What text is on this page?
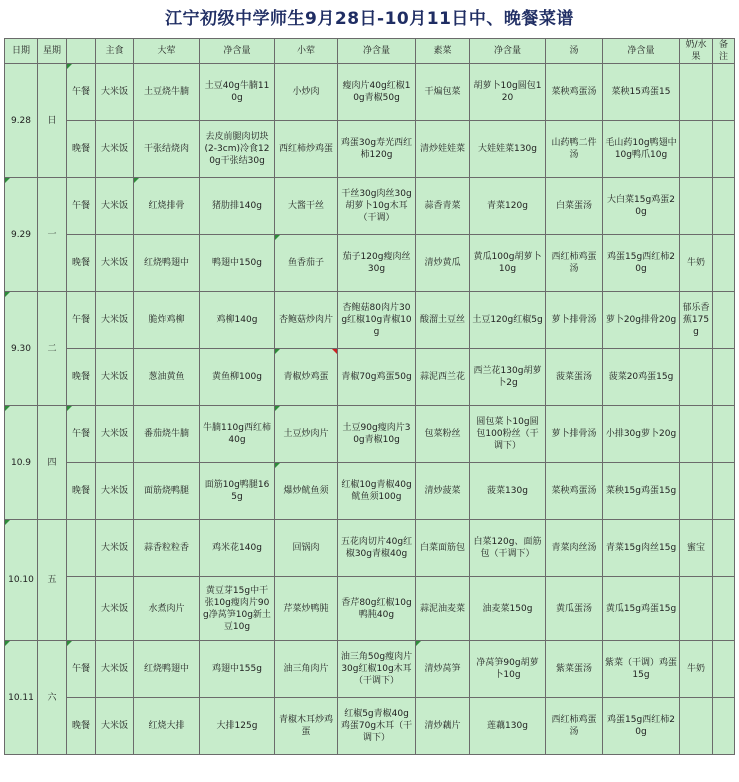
江宁初级中学师生9月28日-10月11日中、晚餐菜谱
日期	星期		主食	大荤	净含量	小荤	净含量	素菜	净含量	汤	净含量	奶/水果	备注
9.28	日	午餐	大米饭	土豆烧牛腩	土豆40g牛腩110g	小炒肉	瘦肉片40g红椒10g青椒50g	干煸包菜	胡萝卜10g圆包120	菜秧鸡蛋汤	菜秧15鸡蛋15		
		晚餐	大米饭	干张结烧肉	去皮前腿肉切块(2-3cm)冷食120g干张结30g	西红柿炒鸡蛋	鸡蛋30g寿光西红柿120g	清炒娃娃菜	大娃娃菜130g	山药鸭二件汤	毛山药10g鸭翅中10g鸭爪10g		
9.29	一	午餐	大米饭	红烧排骨	猪肋排140g	大酱干丝	干丝30g肉丝30g胡萝卜10g木耳（干调）	蒜香青菜	青菜120g	白菜蛋汤	大白菜15g鸡蛋20g		
		晚餐	大米饭	红烧鸭翅中	鸭翅中150g	鱼香茄子	茄子120g瘦肉丝30g	清炒黄瓜	黄瓜100g胡萝卜10g	西红柿鸡蛋汤	鸡蛋15g西红柿20g	牛奶	
9.30	二	午餐	大米饭	脆炸鸡柳	鸡柳140g	杏鲍菇炒肉片	杏鲍菇80肉片30g红椒10g青椒10g	酸溜土豆丝	土豆120g红椒5g	萝卜排骨汤	萝卜20g排骨20g	郁乐香蕉175g	
		晚餐	大米饭	葱油黄鱼	黄鱼柳100g	青椒炒鸡蛋	青椒70g鸡蛋50g	蒜泥西兰花	西兰花130g胡萝卜2g	菠菜蛋汤	菠菜20鸡蛋15g		
10.9	四	午餐	大米饭	番茄烧牛腩	牛腩110g西红柿40g	土豆炒肉片	土豆90g瘦肉片30g青椒10g	包菜粉丝	圆包菜卜10g圆包100粉丝（干调下）	萝卜排骨汤	小排30g萝卜20g		
		晚餐	大米饭	面筋烧鸭腿	面筋10g鸭腿165g	爆炒鱿鱼须	红椒10g青椒40g鱿鱼须100g	清炒菠菜	菠菜130g	菜秧鸡蛋汤	菜秧15g鸡蛋15g		
10.10	五		大米饭	蒜香粒粒香	鸡米花140g	回锅肉	五花肉切片40g红椒30g青椒40g	白菜面筋包	白菜120g、面筋包（干调下）	青菜肉丝汤	青菜15g肉丝15g	蜜宝	
			大米饭	水煮肉片	黄豆芽15g中干张10g瘦肉片90g净莴笋10g新土豆10g	芹菜炒鸭肫	香芹80g红椒10g鸭肫40g	蒜泥油麦菜	油麦菜150g	黄瓜蛋汤	黄瓜15g鸡蛋15g		
10.11	六	午餐	大米饭	红烧鸭翅中	鸡翅中155g	油三角肉片	油三角50g瘦肉片30g红椒10g木耳（干调下）	清炒莴笋	净莴笋90g胡萝卜10g	紫菜蛋汤	紫菜（干调）鸡蛋15g	牛奶	
		晚餐	大米饭	红烧大排	大排125g	青椒木耳炒鸡蛋	红椒5g青椒40g鸡蛋70g木耳（干调下）	清炒藕片	莲藕130g	西红柿鸡蛋汤	鸡蛋15g西红柿20g		
